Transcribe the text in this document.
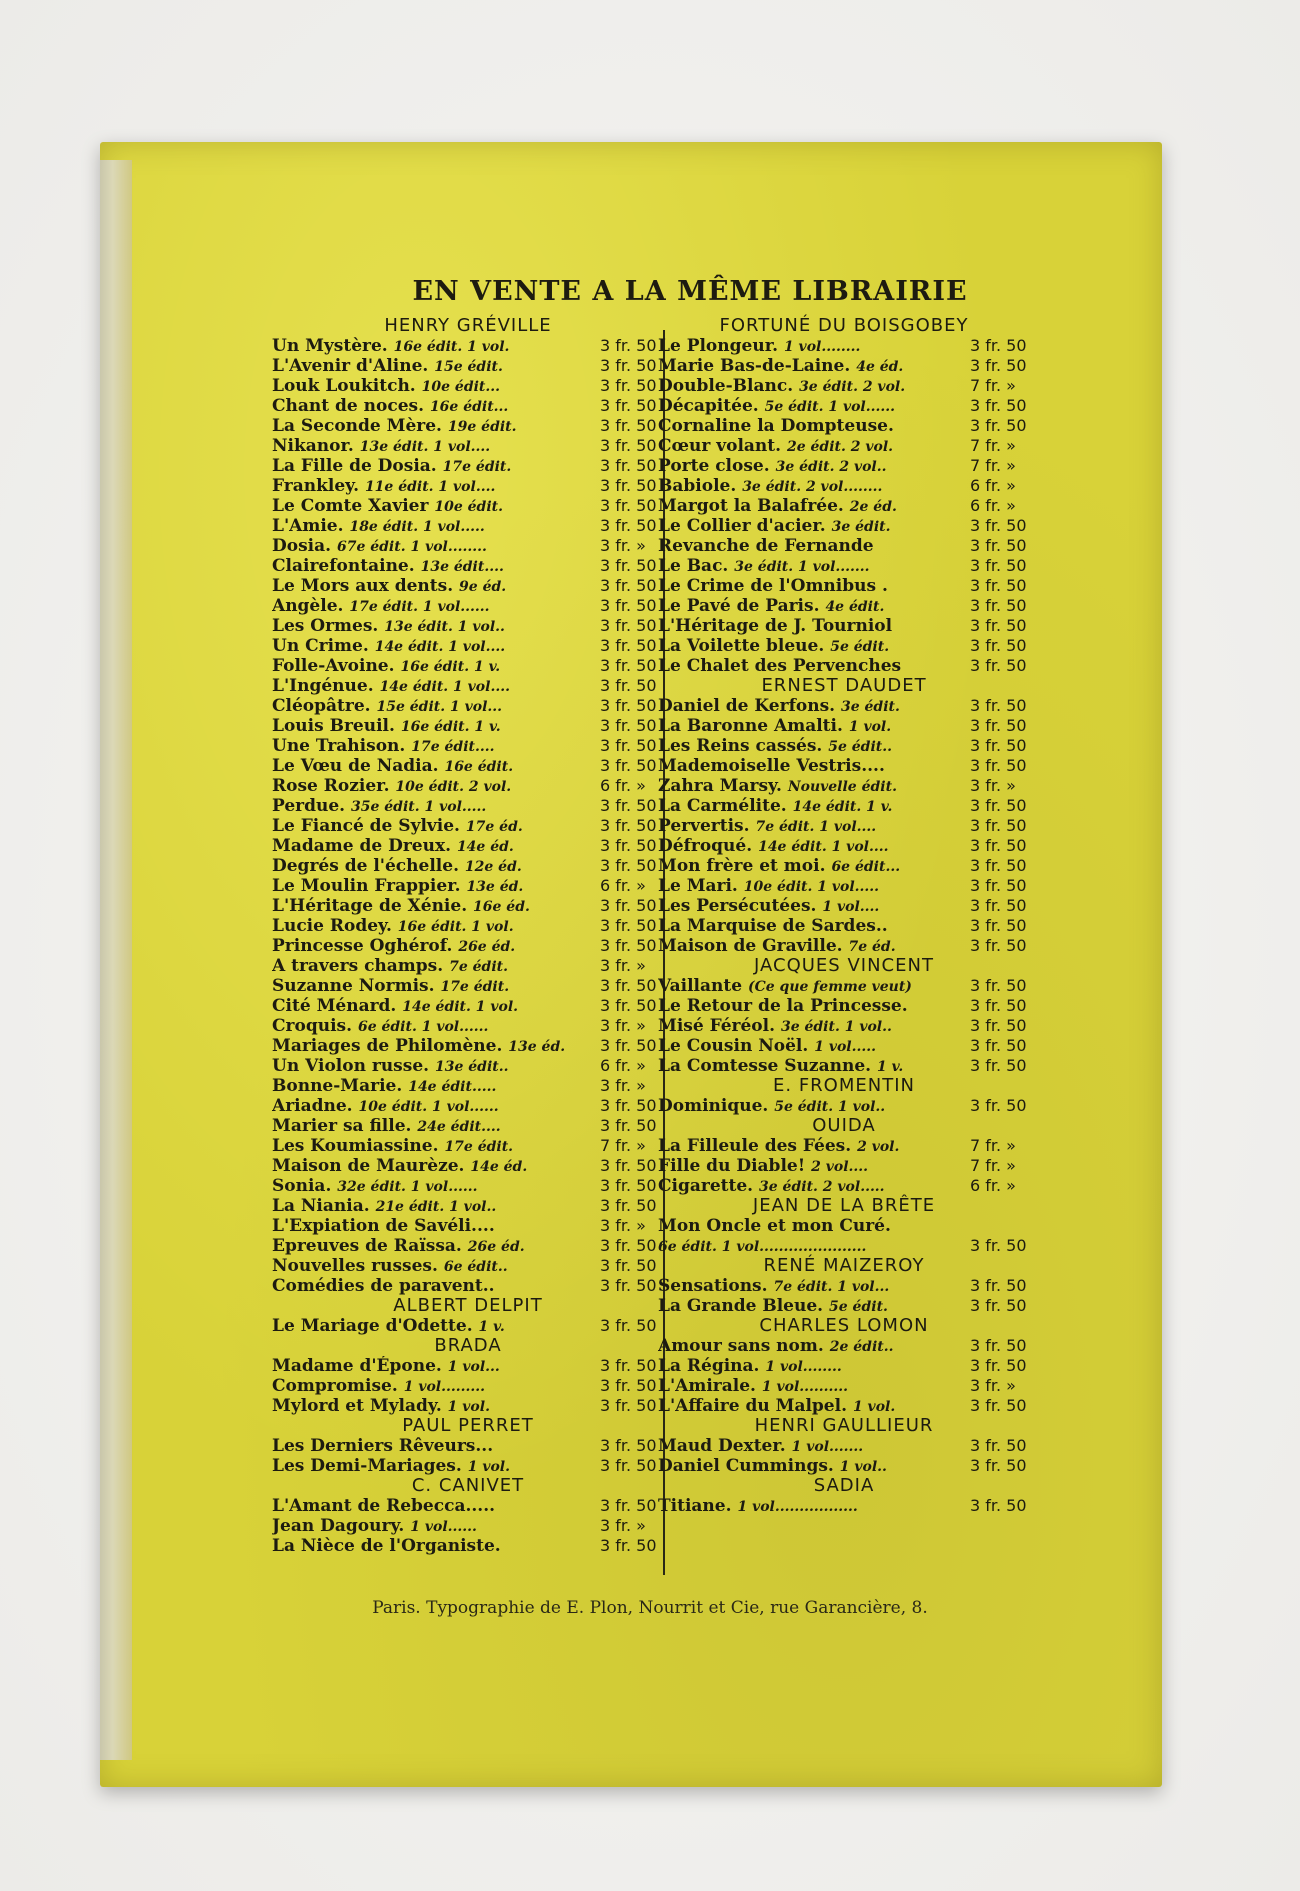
EN VENTE A LA MÊME LIBRAIRIE
HENRY GRÉVILLE
Un Mystère. 16e édit. 1 vol.	3 fr. 50
L'Avenir d'Aline. 15e édit.	3 fr. 50
Louk Loukitch. 10e édit...	3 fr. 50
Chant de noces. 16e édit...	3 fr. 50
La Seconde Mère. 19e édit.	3 fr. 50
Nikanor. 13e édit. 1 vol....	3 fr. 50
La Fille de Dosia. 17e édit.	3 fr. 50
Frankley. 11e édit. 1 vol....	3 fr. 50
Le Comte Xavier 10e édit.	3 fr. 50
L'Amie. 18e édit. 1 vol.....	3 fr. 50
Dosia. 67e édit. 1 vol........	3 fr. »
Clairefontaine. 13e édit....	3 fr. 50
Le Mors aux dents. 9e éd.	3 fr. 50
Angèle. 17e édit. 1 vol......	3 fr. 50
Les Ormes. 13e édit. 1 vol..	3 fr. 50
Un Crime. 14e édit. 1 vol....	3 fr. 50
Folle-Avoine. 16e édit. 1 v.	3 fr. 50
L'Ingénue. 14e édit. 1 vol....	3 fr. 50
Cléopâtre. 15e édit. 1 vol...	3 fr. 50
Louis Breuil. 16e édit. 1 v.	3 fr. 50
Une Trahison. 17e édit....	3 fr. 50
Le Vœu de Nadia. 16e édit.	3 fr. 50
Rose Rozier. 10e édit. 2 vol.	6 fr. »
Perdue. 35e édit. 1 vol.....	3 fr. 50
Le Fiancé de Sylvie. 17e éd.	3 fr. 50
Madame de Dreux. 14e éd.	3 fr. 50
Degrés de l'échelle. 12e éd.	3 fr. 50
Le Moulin Frappier. 13e éd.	6 fr. »
L'Héritage de Xénie. 16e éd.	3 fr. 50
Lucie Rodey. 16e édit. 1 vol.	3 fr. 50
Princesse Oghérof. 26e éd.	3 fr. 50
A travers champs. 7e édit.	3 fr. »
Suzanne Normis. 17e édit.	3 fr. 50
Cité Ménard. 14e édit. 1 vol.	3 fr. 50
Croquis. 6e édit. 1 vol......	3 fr. »
Mariages de Philomène. 13e éd. 3 fr. 50
Un Violon russe. 13e édit..	6 fr. »
Bonne-Marie. 14e édit.....	3 fr. »
Ariadne. 10e édit. 1 vol......	3 fr. 50
Marier sa fille. 24e édit....	3 fr. 50
Les Koumiassine. 17e édit.	7 fr. »
Maison de Maurèze. 14e éd.	3 fr. 50
Sonia. 32e édit. 1 vol......	3 fr. 50
La Niania. 21e édit. 1 vol..	3 fr. 50
L'Expiation de Savéli....	3 fr. »
Epreuves de Raïssa. 26e éd.	3 fr. 50
Nouvelles russes. 6e édit..	3 fr. 50
Comédies de paravent..	3 fr. 50
ALBERT DELPIT
Le Mariage d'Odette. 1 v.	3 fr. 50
BRADA
Madame d'Épone. 1 vol...	3 fr. 50
Compromise. 1 vol.........	3 fr. 50
Mylord et Mylady. 1 vol.	3 fr. 50
PAUL PERRET
Les Derniers Rêveurs...	3 fr. 50
Les Demi-Mariages. 1 vol.	3 fr. 50
C. CANIVET
L'Amant de Rebecca.....	3 fr. 50
Jean Dagoury. 1 vol......	3 fr. »
La Nièce de l'Organiste.	3 fr. 50
FORTUNÉ DU BOISGOBEY
Le Plongeur. 1 vol........	3 fr. 50
Marie Bas-de-Laine. 4e éd.	3 fr. 50
Double-Blanc. 3e édit. 2 vol.	7 fr. »
Décapitée. 5e édit. 1 vol......	3 fr. 50
Cornaline la Dompteuse.	3 fr. 50
Cœur volant. 2e édit. 2 vol.	7 fr. »
Porte close. 3e édit. 2 vol..	7 fr. »
Babiole. 3e édit. 2 vol........	6 fr. »
Margot la Balafrée. 2e éd.	6 fr. »
Le Collier d'acier. 3e édit.	3 fr. 50
Revanche de Fernande	3 fr. 50
Le Bac. 3e édit. 1 vol.......	3 fr. 50
Le Crime de l'Omnibus .	3 fr. 50
Le Pavé de Paris. 4e édit.	3 fr. 50
L'Héritage de J. Tourniol	3 fr. 50
La Voilette bleue. 5e édit.	3 fr. 50
Le Chalet des Pervenches	3 fr. 50
ERNEST DAUDET
Daniel de Kerfons. 3e édit.	3 fr. 50
La Baronne Amalti. 1 vol.	3 fr. 50
Les Reins cassés. 5e édit..	3 fr. 50
Mademoiselle Vestris....	3 fr. 50
Zahra Marsy. Nouvelle édit.	3 fr. »
La Carmélite. 14e édit. 1 v.	3 fr. 50
Pervertis. 7e édit. 1 vol....	3 fr. 50
Défroqué. 14e édit. 1 vol....	3 fr. 50
Mon frère et moi. 6e édit...	3 fr. 50
Le Mari. 10e édit. 1 vol.....	3 fr. 50
Les Persécutées. 1 vol....	3 fr. 50
La Marquise de Sardes..	3 fr. 50
Maison de Graville. 7e éd.	3 fr. 50
JACQUES VINCENT
Vaillante (Ce que femme veut)	3 fr. 50
Le Retour de la Princesse.	3 fr. 50
Misé Féréol. 3e édit. 1 vol..	3 fr. 50
Le Cousin Noël. 1 vol.....	3 fr. 50
La Comtesse Suzanne. 1 v.	3 fr. 50
E. FROMENTIN
Dominique. 5e édit. 1 vol..	3 fr. 50
OUIDA
La Filleule des Fées. 2 vol.	7 fr. »
Fille du Diable! 2 vol....	7 fr. »
Cigarette. 3e édit. 2 vol.....	6 fr. »
JEAN DE LA BRÊTE
Mon Oncle et mon Curé.
6e édit. 1 vol......................	3 fr. 50
RENÉ MAIZEROY
Sensations. 7e édit. 1 vol...	3 fr. 50
La Grande Bleue. 5e édit.	3 fr. 50
CHARLES LOMON
Amour sans nom. 2e édit..	3 fr. 50
La Régina. 1 vol........	3 fr. 50
L'Amirale. 1 vol..........	3 fr. »
L'Affaire du Malpel. 1 vol.	3 fr. 50
HENRI GAULLIEUR
Maud Dexter. 1 vol.......	3 fr. 50
Daniel Cummings. 1 vol..	3 fr. 50
SADIA
Titiane. 1 vol.................	3 fr. 50
Paris. Typographie de E. Plon, Nourrit et Cie, rue Garancière, 8.
